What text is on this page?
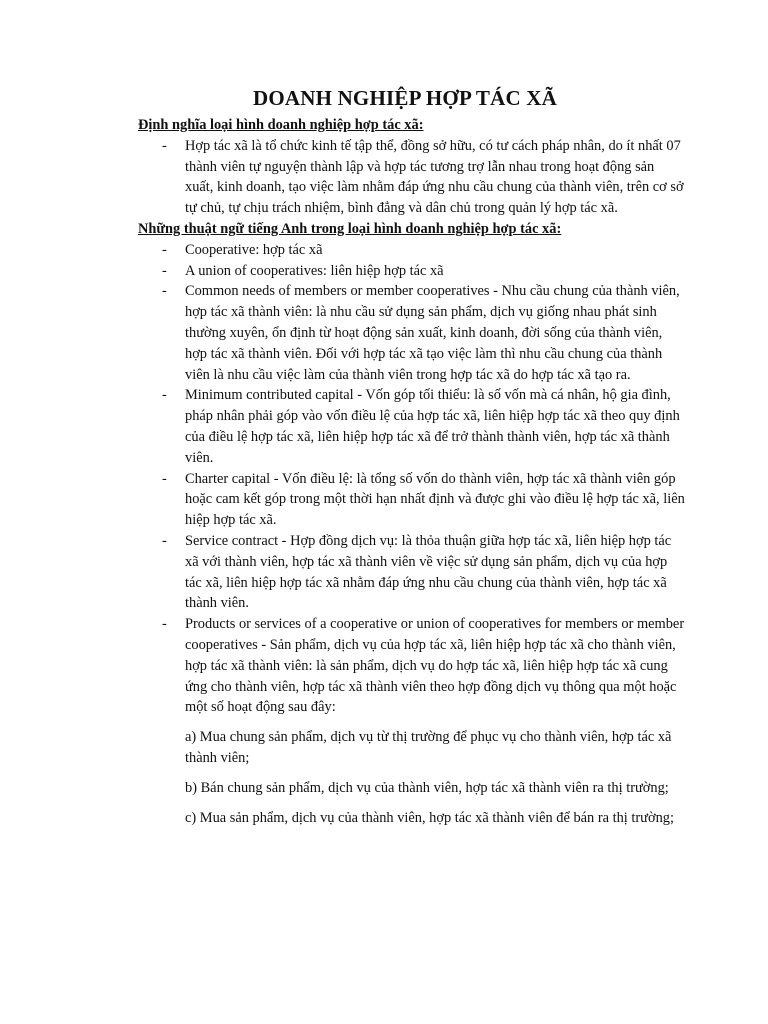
DOANH NGHIỆP HỢP TÁC XÃ

Định nghĩa loại hình doanh nghiệp hợp tác xã:

- Hợp tác xã là tổ chức kinh tế tập thể, đồng sở hữu, có tư cách pháp nhân, do ít nhất 07 thành viên tự nguyện thành lập và hợp tác tương trợ lẫn nhau trong hoạt động sản xuất, kinh doanh, tạo việc làm nhằm đáp ứng nhu cầu chung của thành viên, trên cơ sở tự chủ, tự chịu trách nhiệm, bình đẳng và dân chủ trong quản lý hợp tác xã.

Những thuật ngữ tiếng Anh trong loại hình doanh nghiệp hợp tác xã:

- Cooperative: hợp tác xã
- A union of cooperatives: liên hiệp hợp tác xã
- Common needs of members or member cooperatives - Nhu cầu chung của thành viên, hợp tác xã thành viên: là nhu cầu sử dụng sản phẩm, dịch vụ giống nhau phát sinh thường xuyên, ổn định từ hoạt động sản xuất, kinh doanh, đời sống của thành viên, hợp tác xã thành viên. Đối với hợp tác xã tạo việc làm thì nhu cầu chung của thành viên là nhu cầu việc làm của thành viên trong hợp tác xã do hợp tác xã tạo ra.
- Minimum contributed capital - Vốn góp tối thiểu: là số vốn mà cá nhân, hộ gia đình, pháp nhân phải góp vào vốn điều lệ của hợp tác xã, liên hiệp hợp tác xã theo quy định của điều lệ hợp tác xã, liên hiệp hợp tác xã để trở thành thành viên, hợp tác xã thành viên.
- Charter capital - Vốn điều lệ: là tổng số vốn do thành viên, hợp tác xã thành viên góp hoặc cam kết góp trong một thời hạn nhất định và được ghi vào điều lệ hợp tác xã, liên hiệp hợp tác xã.
- Service contract - Hợp đồng dịch vụ: là thỏa thuận giữa hợp tác xã, liên hiệp hợp tác xã với thành viên, hợp tác xã thành viên về việc sử dụng sản phẩm, dịch vụ của hợp tác xã, liên hiệp hợp tác xã nhằm đáp ứng nhu cầu chung của thành viên, hợp tác xã thành viên.
- Products or services of a cooperative or union of cooperatives for members or member cooperatives - Sản phẩm, dịch vụ của hợp tác xã, liên hiệp hợp tác xã cho thành viên, hợp tác xã thành viên: là sản phẩm, dịch vụ do hợp tác xã, liên hiệp hợp tác xã cung ứng cho thành viên, hợp tác xã thành viên theo hợp đồng dịch vụ thông qua một hoặc một số hoạt động sau đây:

a) Mua chung sản phẩm, dịch vụ từ thị trường để phục vụ cho thành viên, hợp tác xã thành viên;

b) Bán chung sản phẩm, dịch vụ của thành viên, hợp tác xã thành viên ra thị trường;

c) Mua sản phẩm, dịch vụ của thành viên, hợp tác xã thành viên để bán ra thị trường;
